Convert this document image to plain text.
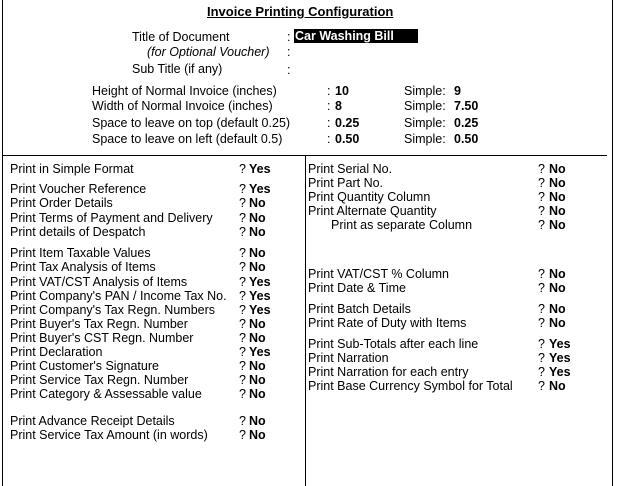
Invoice Printing Configuration
Title of Document	: Car Washing Bill
(for Optional Voucher) :
Sub Title (if any)	:
Height of Normal Invoice (inches)	: 10	Simple: 9
Width of Normal Invoice (inches)	: 8	Simple: 7.50
Space to leave on top (default 0.25)	: 0.25	Simple: 0.25
Space to leave on left (default 0.5)	: 0.50	Simple: 0.50
Print in Simple Format	? Yes
Print Voucher Reference	? Yes
Print Order Details	? No
Print Terms of Payment and Delivery ? No
Print details of Despatch	? No
Print Item Taxable Values	? No
Print Tax Analysis of Items	? No
Print VAT/CST Analysis of Items	? Yes
Print Company's PAN / Income Tax No. ? Yes
Print Company's Tax Regn. Numbers ? Yes
Print Buyer's Tax Regn. Number	? No
Print Buyer's CST Regn. Number	? No
Print Declaration	? Yes
Print Customer's Signature	? No
Print Service Tax Regn. Number	? No
Print Category & Assessable value	? No
Print Advance Receipt Details	? No
Print Service Tax Amount (in words) ? No
Print Serial No.	? No
Print Part No.	? No
Print Quantity Column	? No
Print Alternate Quantity	? No
Print as separate Column	? No
Print VAT/CST % Column	? No
Print Date & Time	? No
Print Batch Details	? No
Print Rate of Duty with Items	? No
Print Sub-Totals after each line	? Yes
Print Narration	? Yes
Print Narration for each entry	? Yes
Print Base Currency Symbol for Total ? No
